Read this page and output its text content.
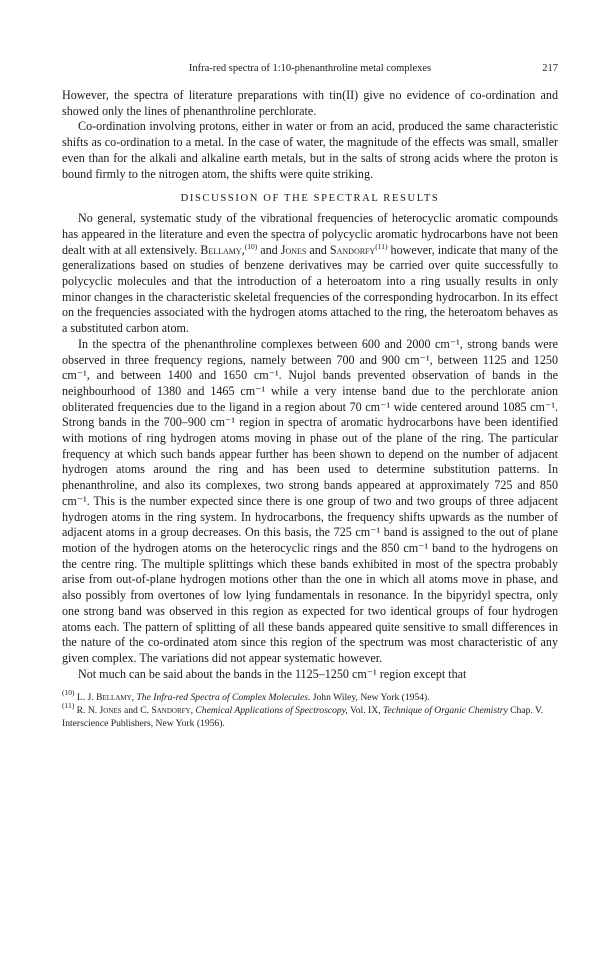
Infra-red spectra of 1:10-phenanthroline metal complexes	217

However, the spectra of literature preparations with tin(II) give no evidence of co-ordination and showed only the lines of phenanthroline perchlorate.

Co-ordination involving protons, either in water or from an acid, produced the same characteristic shifts as co-ordination to a metal. In the case of water, the magnitude of the effects was small, smaller even than for the alkali and alkaline earth metals, but in the salts of strong acids where the proton is bound firmly to the nitrogen atom, the shifts were quite striking.

DISCUSSION OF THE SPECTRAL RESULTS

No general, systematic study of the vibrational frequencies of heterocyclic aromatic compounds has appeared in the literature and even the spectra of polycyclic aromatic hydrocarbons have not been dealt with at all extensively. Bellamy,$^{(10)}$ and Jones and Sandorfy$^{(11)}$ however, indicate that many of the generalizations based on studies of benzene derivatives may be carried over quite successfully to polycyclic molecules and that the introduction of a heteroatom into a ring usually results in only minor changes in the characteristic skeletal frequencies of the corresponding hydrocarbon. In its effect on the frequencies associated with the hydrogen atoms attached to the ring, the heteroatom behaves as a substituted carbon atom.

In the spectra of the phenanthroline complexes between 600 and 2000 cm⁻¹, strong bands were observed in three frequency regions, namely between 700 and 900 cm⁻¹, between 1125 and 1250 cm⁻¹, and between 1400 and 1650 cm⁻¹. Nujol bands prevented observation of bands in the neighbourhood of 1380 and 1465 cm⁻¹ while a very intense band due to the perchlorate anion obliterated frequencies due to the ligand in a region about 70 cm⁻¹ wide centered around 1085 cm⁻¹. Strong bands in the 700–900 cm⁻¹ region in spectra of aromatic hydrocarbons have been identified with motions of ring hydrogen atoms moving in phase out of the plane of the ring. The particular frequency at which such bands appear further has been shown to depend on the number of adjacent hydrogen atoms around the ring and has been used to determine substitution patterns. In phenanthroline, and also its complexes, two strong bands appeared at approximately 725 and 850 cm⁻¹. This is the number expected since there is one group of two and two groups of three adjacent hydrogen atoms in the ring system. In hydrocarbons, the frequency shifts upwards as the number of adjacent atoms in a group decreases. On this basis, the 725 cm⁻¹ band is assigned to the out of plane motion of the hydrogen atoms on the heterocyclic rings and the 850 cm⁻¹ band to the hydrogens on the centre ring. The multiple splittings which these bands exhibited in most of the spectra probably arise from out-of-plane hydrogen motions other than the one in which all atoms move in phase, and also possibly from overtones of low lying fundamentals in resonance. In the bipyridyl spectra, only one strong band was observed in this region as expected for two identical groups of four hydrogen atoms each. The pattern of splitting of all these bands appeared quite sensitive to small differences in the nature of the co-ordinated atom since this region of the spectrum was most characteristic of any given complex. The variations did not appear systematic however.

Not much can be said about the bands in the 1125–1250 cm⁻¹ region except that

$^{(10)}$ L. J. Bellamy, The Infra-red Spectra of Complex Molecules. John Wiley, New York (1954).

$^{(11)}$ R. N. Jones and C. Sandorfy, Chemical Applications of Spectroscopy, Vol. IX, Technique of Organic Chemistry Chap. V. Interscience Publishers, New York (1956).
